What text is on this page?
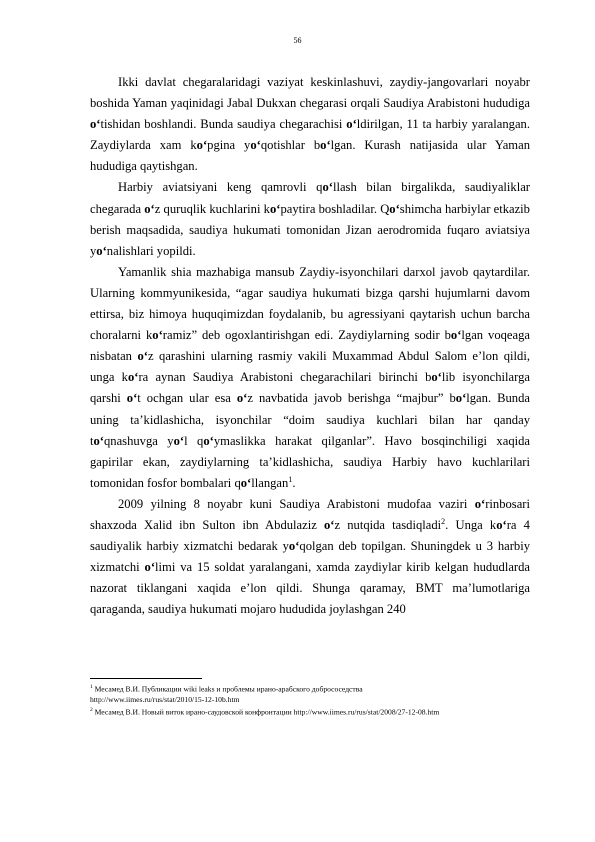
56

Ikki davlat chegaralaridagi vaziyat keskinlashuvi, zaydiy-jangovarlari noyabr boshida Yaman yaqinidagi Jabal Dukxan chegarasi orqali Saudiya Arabistoni hududiga o‘tishidan boshlandi. Bunda saudiya chegarachisi o‘ldirilgan, 11 ta harbiy yaralangan. Zaydiylarda xam ko‘pgina yo‘qotishlar bo‘lgan. Kurash natijasida ular Yaman hududiga qaytishgan.

Harbiy aviatsiyani keng qamrovli qo‘llash bilan birgalikda, saudiyaliklar chegarada o‘z quruqlik kuchlarini ko‘paytira boshladilar. Qo‘shimcha harbiylar etkazib berish maqsadida, saudiya hukumati tomonidan Jizan aerodromida fuqaro aviatsiya yo‘nalishlari yopildi.

Yamanlik shia mazhabiga mansub Zaydiy-isyonchilari darxol javob qaytardilar. Ularning kommyunikesida, “agar saudiya hukumati bizga qarshi hujumlarni davom ettirsa, biz himoya huquqimizdan foydalanib, bu agressiyani qaytarish uchun barcha choralarni ko‘ramiz” deb ogoxlantirishgan edi. Zaydiylarning sodir bo‘lgan voqeaga nisbatan o‘z qarashini ularning rasmiy vakili Muxammad Abdul Salom e’lon qildi, unga ko‘ra aynan Saudiya Arabistoni chegarachilari birinchi bo‘lib isyonchilarga qarshi o‘t ochgan ular esa o‘z navbatida javob berishga “majbur” bo‘lgan. Bunda uning ta’kidlashicha, isyonchilar “doim saudiya kuchlari bilan har qanday to‘qnashuvga yo‘l qo‘ymaslikka harakat qilganlar”. Havo bosqinchiligi xaqida gapirilar ekan, zaydiylarning ta’kidlashicha, saudiya Harbiy havo kuchlarilari tomonidan fosfor bombalari qo‘llangan$^1$.

2009 yilning 8 noyabr kuni Saudiya Arabistoni mudofaa vaziri o‘rinbosari shaxzoda Xalid ibn Sulton ibn Abdulaziz o‘z nutqida tasdiqladi$^2$. Unga ko‘ra 4 saudiyalik harbiy xizmatchi bedarak yo‘qolgan deb topilgan. Shuningdek u 3 harbiy xizmatchi o‘limi va 15 soldat yaralangani, xamda zaydiylar kirib kelgan hududlarda nazorat tiklangani xaqida e’lon qildi. Shunga qaramay, BMT ma’lumotlariga qaraganda, saudiya hukumati mojaro hududida joylashgan 240

$^1$ Месамед В.И. Публикации wiki leaks и проблемы ирано-арабского добрососедства

http://www.iimes.ru/rus/stat/2010/15-12-10b.htm

$^2$ Месамед В.И. Новый виток ирано-саудовской конфронтации http://www.iimes.ru/rus/stat/2008/27-12-08.htm
